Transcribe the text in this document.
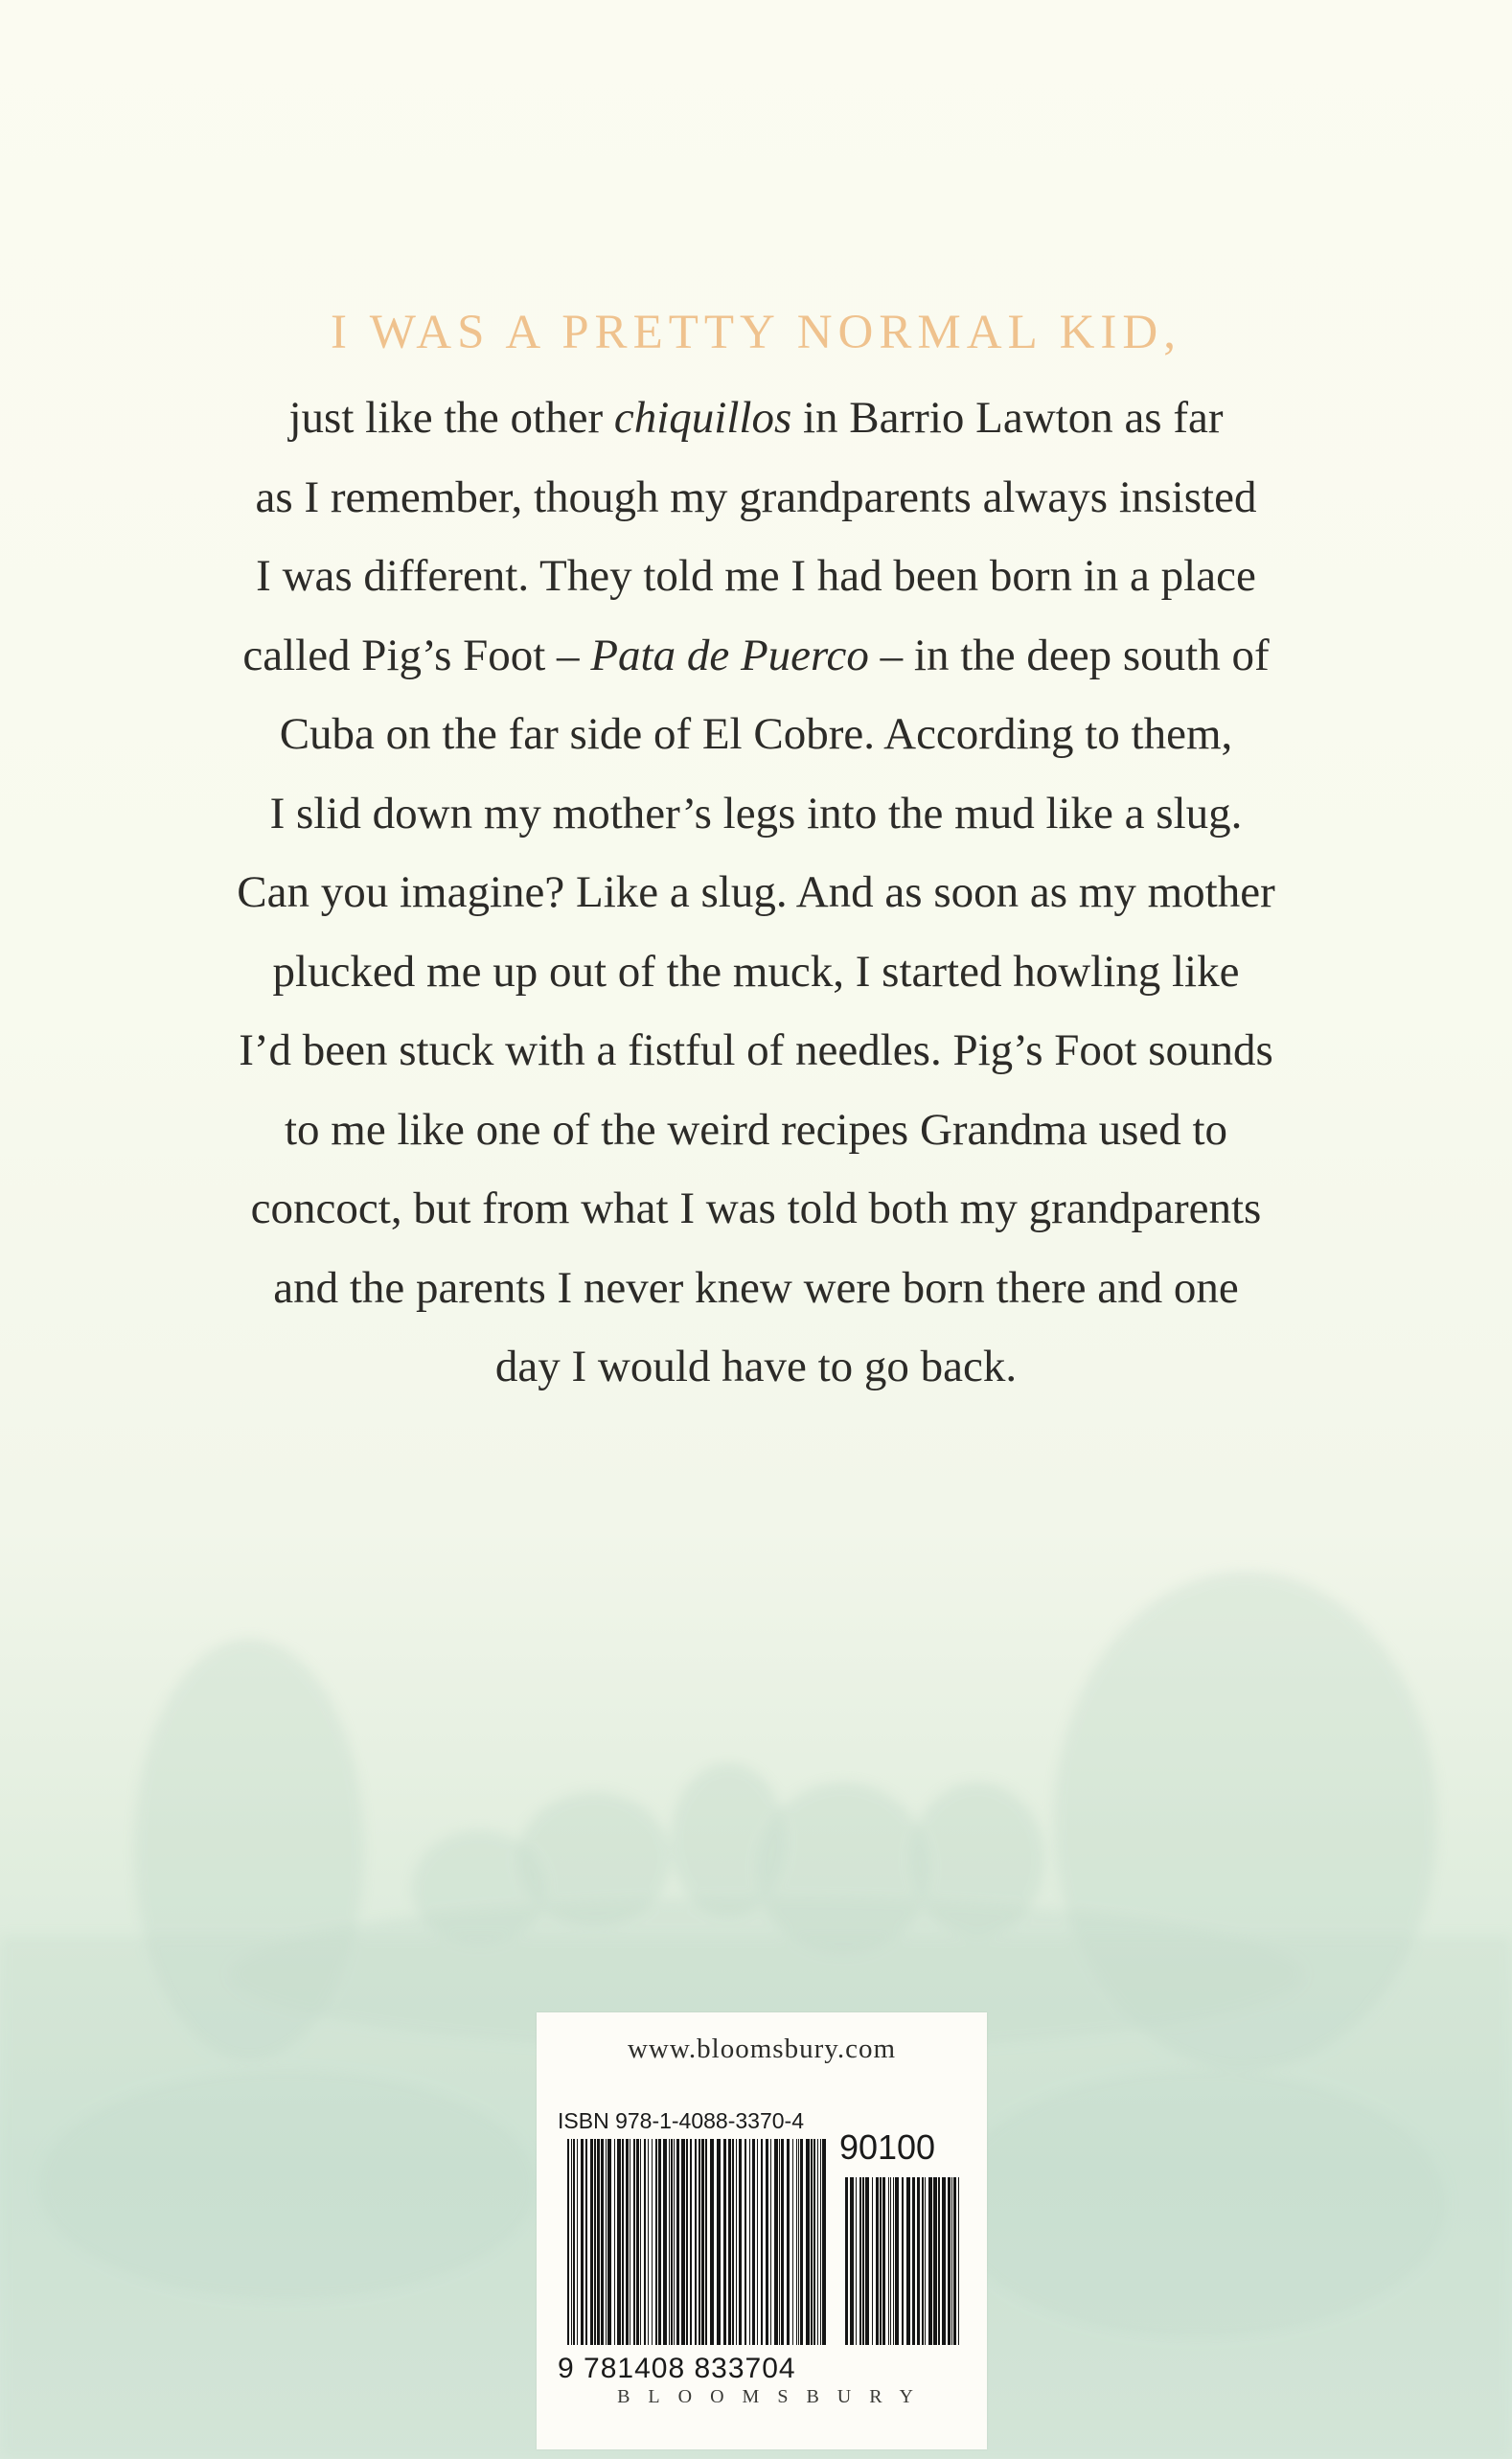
I WAS A PRETTY NORMAL KID,
just like the other chiquillos in Barrio Lawton as far
as I remember, though my grandparents always insisted
I was different. They told me I had been born in a place
called Pig’s Foot – Pata de Puerco – in the deep south of
Cuba on the far side of El Cobre. According to them,
I slid down my mother’s legs into the mud like a slug.
Can you imagine? Like a slug. And as soon as my mother
plucked me up out of the muck, I started howling like
I’d been stuck with a fistful of needles. Pig’s Foot sounds
to me like one of the weird recipes Grandma used to
concoct, but from what I was told both my grandparents
and the parents I never knew were born there and one
day I would have to go back.
www.bloomsbury.com
ISBN 978-1-4088-3370-4
90100
9 781408 833704
BLOOMSBURY
